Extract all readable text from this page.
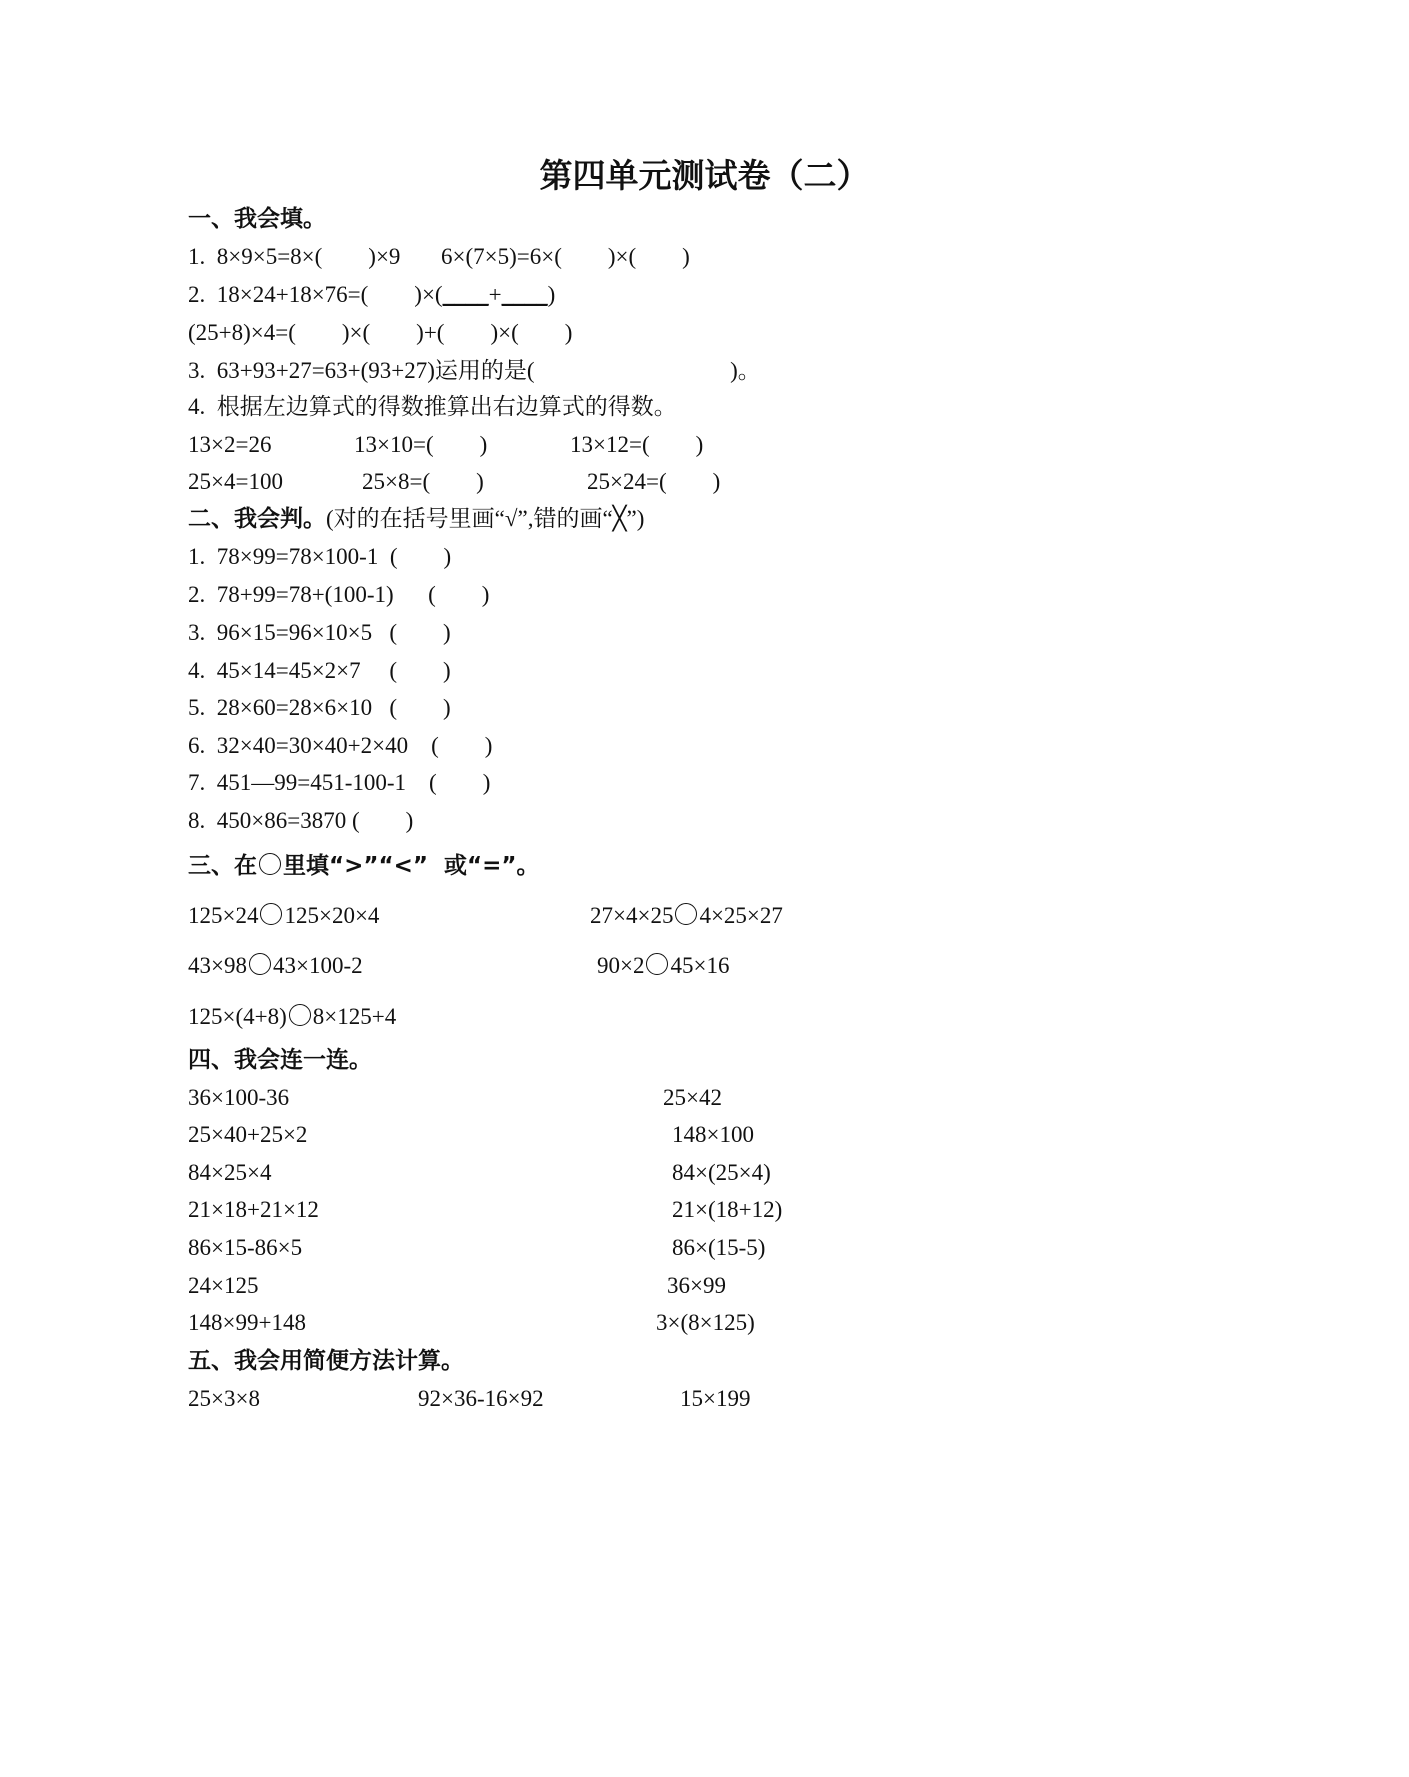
第四单元测试卷（二）
一、我会填。
1.  8×9×5=8×(        )×9 6×(7×5)=6×(        )×(        )
2.  18×24+18×76=(        )×(____+____)
(25+8)×4=(        )×(        )+(        )×(        )
3.  63+93+27=63+(93+27)运用的是(                                  )。
4.  根据左边算式的得数推算出右边算式的得数。
13×2=26	13×10=(        )	13×12=(        )
25×4=100	25×8=(        )	25×24=(        )
二、我会判。(对的在括号里画“√”,错的画“╳”)
1.  78×99=78×100-1  (        )
2.  78+99=78+(100-1)      (        )
3.  96×15=96×10×5   (        )
4.  45×14=45×2×7     (        )
5.  28×60=28×6×10   (        )
6.  32×40=30×40+2×40    (        )
7.  451—99=451-100-1    (        )
8.  450×86=3870 (        )
三、在 里填“>”“<”  或“=”。
125×24 125×20×4	27×4×25 4×25×27
43×98 43×100-2	90×2 45×16
125×(4+8) 8×125+4
四、我会连一连。
36×100-36
25×40+25×2
84×25×4
21×18+21×12
86×15-86×5
24×125
148×99+148
25×42
148×100
84×(25×4)
21×(18+12)
86×(15-5)
36×99
3×(8×125)
五、我会用简便方法计算。
25×3×8	92×36-16×92	15×199
